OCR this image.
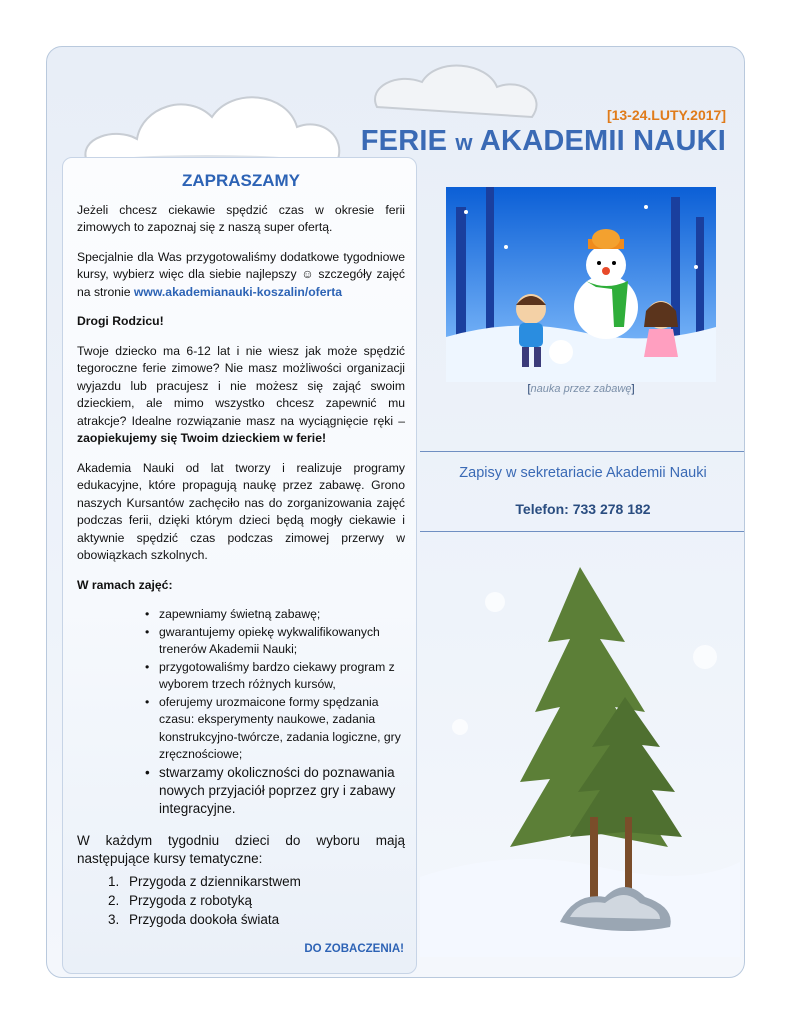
[13-24.LUTY.2017]
FERIE w AKADEMII NAUKI
ZAPRASZAMY

Jeżeli chcesz ciekawie spędzić czas w okresie ferii zimowych to zapoznaj się z naszą super ofertą.

Specjalnie dla Was przygotowaliśmy dodatkowe tygodniowe kursy, wybierz więc dla siebie najlepszy ☺ szczegóły zajęć na stronie www.akademianauki-koszalin/oferta

Drogi Rodzicu!

Twoje dziecko ma 6-12 lat i nie wiesz jak może spędzić tegoroczne ferie zimowe? Nie masz możliwości organizacji wyjazdu lub pracujesz i nie możesz się zająć swoim dzieckiem, ale mimo wszystko chcesz zapewnić mu atrakcje? Idealne rozwiązanie masz na wyciągnięcie ręki – zaopiekujemy się Twoim dzieckiem w ferie!

Akademia Nauki od lat tworzy i realizuje programy edukacyjne, które propagują naukę przez zabawę. Grono naszych Kursantów zachęciło nas do zorganizowania zajęć podczas ferii, dzięki którym dzieci będą mogły ciekawie i aktywnie spędzić czas podczas zimowej przerwy w obowiązkach szkolnych.

W ramach zajęć:

• zapewniamy świetną zabawę;
• gwarantujemy opiekę wykwalifikowanych trenerów Akademii Nauki;
• przygotowaliśmy bardzo ciekawy program z wyborem trzech różnych kursów,
• oferujemy urozmaicone formy spędzania czasu: eksperymenty naukowe, zadania konstrukcyjno-twórcze, zadania logiczne, gry zręcznościowe;
• stwarzamy okoliczności do poznawania nowych przyjaciół poprzez gry i zabawy integracyjne.

W każdym tygodniu dzieci do wyboru mają następujące kursy tematyczne:

1. Przygoda z dziennikarstwem
2. Przygoda z robotyką
3. Przygoda dookoła świata
DO ZOBACZENIA!
[nauka przez zabawę]
Zapisy w sekretariacie Akademii Nauki
Telefon: 733 278 182
